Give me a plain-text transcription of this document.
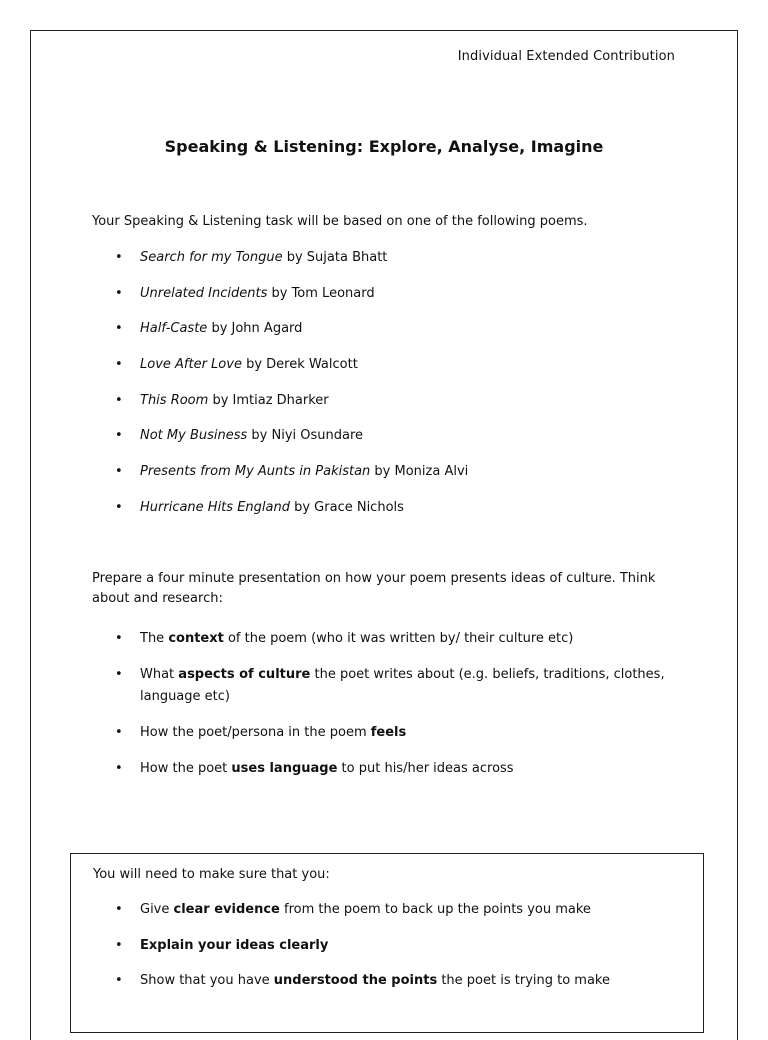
Individual Extended Contribution
Speaking & Listening: Explore, Analyse, Imagine
Your Speaking & Listening task will be based on one of the following poems.
• Search for my Tongue by Sujata Bhatt
• Unrelated Incidents by Tom Leonard
• Half-Caste by John Agard
• Love After Love by Derek Walcott
• This Room by Imtiaz Dharker
• Not My Business by Niyi Osundare
• Presents from My Aunts in Pakistan by Moniza Alvi
• Hurricane Hits England by Grace Nichols
Prepare a four minute presentation on how your poem presents ideas of culture. Think about and research:
• The context of the poem (who it was written by/ their culture etc)
• What aspects of culture the poet writes about (e.g. beliefs, traditions, clothes, language etc)
• How the poet/persona in the poem feels
• How the poet uses language to put his/her ideas across
You will need to make sure that you:
• Give clear evidence from the poem to back up the points you make
• Explain your ideas clearly
• Show that you have understood the points the poet is trying to make
